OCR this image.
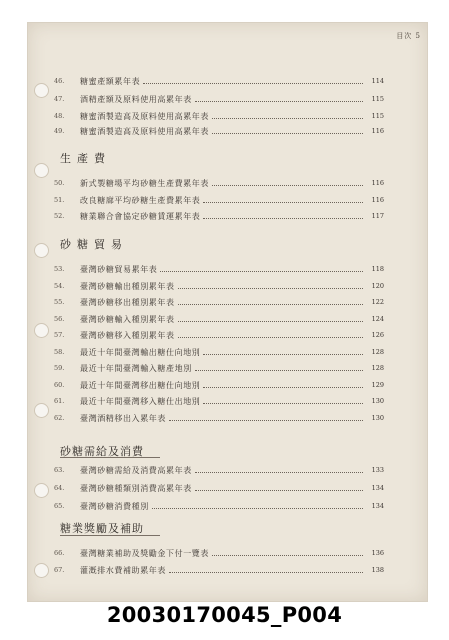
目次 5
46.	糖蜜產額累年表	114
47.	酒精產額及原料使用高累年表	115
48.	糖蜜酒製造高及原料使用高累年表	115
49.	糖蜜酒製造高及原料使用高累年表	116
生產費
50.	新式製糖場平均砂糖生產費累年表	116
51.	改良糖廍平均砂糖生產費累年表	116
52.	糖業聯合會協定砂糖賃運累年表	117
砂糖貿易
53.	臺灣砂糖貿易累年表	118
54.	臺灣砂糖輸出種別累年表	120
55.	臺灣砂糖移出種別累年表	122
56.	臺灣砂糖輸入種別累年表	124
57.	臺灣砂糖移入種別累年表	126
58.	最近十年間臺灣輸出糖仕向地別	128
59.	最近十年間臺灣輸入糖產地別	128
60.	最近十年間臺灣移出糖仕向地別	129
61.	最近十年間臺灣移入糖仕出地別	130
62.	臺灣酒精移出入累年表	130
砂糖需給及消費
63.	臺灣砂糖需給及消費高累年表	133
64.	臺灣砂糖種類別消費高累年表	134
65.	臺灣砂糖消費種別	134
糖業獎勵及補助
66.	臺灣糖業補助及獎勵金下付一覽表	136
67.	灌漑排水費補助累年表	138
20030170045_P004
